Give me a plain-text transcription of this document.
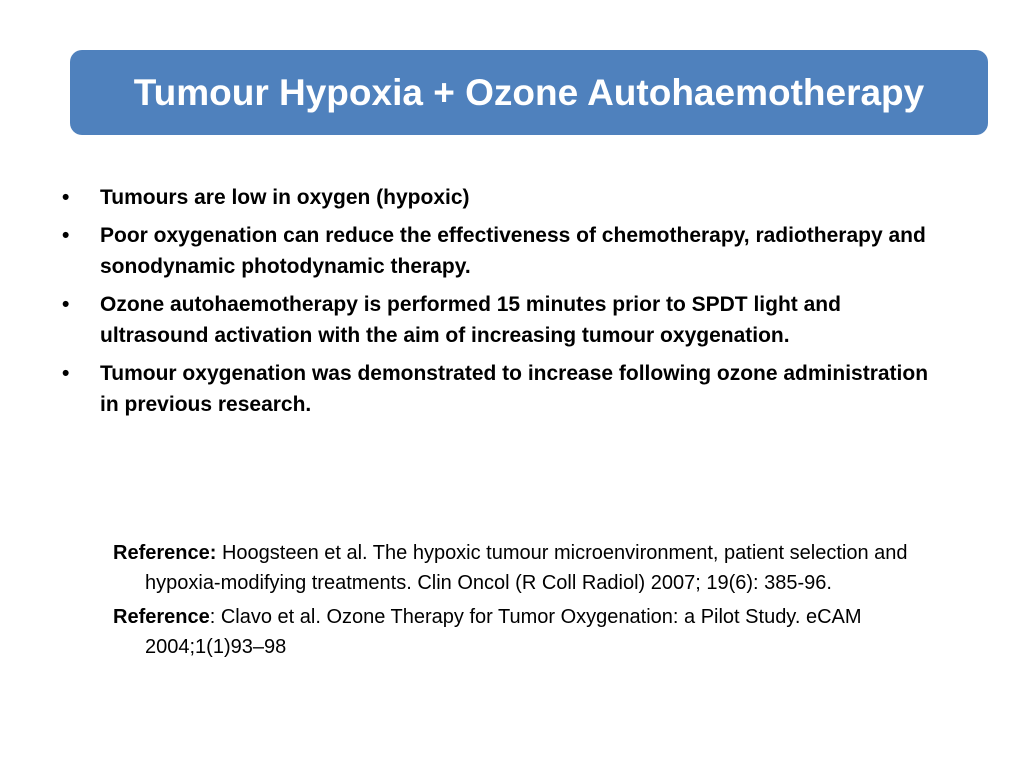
Tumour Hypoxia + Ozone Autohaemotherapy
• Tumours are low in oxygen (hypoxic)
• Poor oxygenation can reduce the effectiveness of chemotherapy, radiotherapy and sonodynamic photodynamic therapy.
• Ozone autohaemotherapy is performed 15 minutes prior to SPDT light and ultrasound activation with the aim of increasing tumour oxygenation.
• Tumour oxygenation was demonstrated to increase following ozone administration in previous research.
Reference: Hoogsteen et al. The hypoxic tumour microenvironment, patient selection and hypoxia-modifying treatments. Clin Oncol (R Coll Radiol) 2007; 19(6): 385-96.
Reference: Clavo et al. Ozone Therapy for Tumor Oxygenation: a Pilot Study. eCAM 2004;1(1)93–98
